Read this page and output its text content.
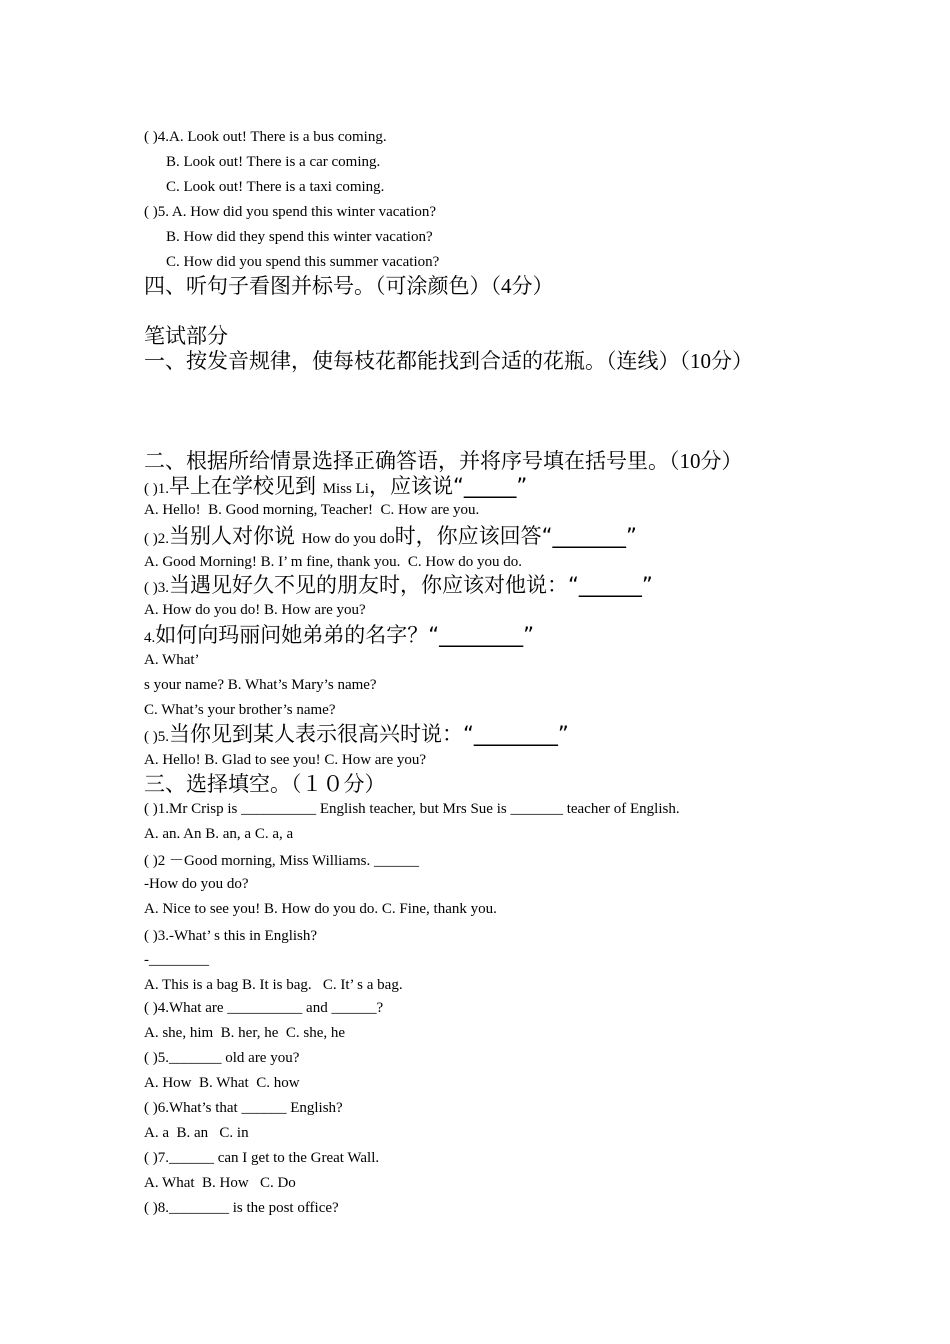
( )4.A. Look out! There is a bus coming.
B. Look out! There is a car coming.
C. Look out! There is a taxi coming.
( )5. A. How did you spend this winter vacation?
B. How did they spend this winter vacation?
C. How did you spend this summer vacation?
四、听句子看图并标号。（可涂颜色）（4分）
笔试部分
一、按发音规律，使每枝花都能找到合适的花瓶。（连线）（10分）
二、根据所给情景选择正确答语，并将序号填在括号里。（10分）
( )1.早上在学校见到 Miss Li，应该说“_____”
A. Hello!  B. Good morning, Teacher!  C. How are you.
( )2.当别人对你说 How do you do时，你应该回答“_______”
A. Good Morning! B. I’ m fine, thank you.  C. How do you do.
( )3.当遇见好久不见的朋友时，你应该对他说：“______”
A. How do you do! B. How are you?
4.如何向玛丽问她弟弟的名字？“________”
A. What’
s your name? B. What’s Mary’s name?
C. What’s your brother’s name?
( )5.当你见到某人表示很高兴时说：“________”
A. Hello! B. Glad to see you! C. How are you?
三、选择填空。（１０分）
( )1.Mr Crisp is __________ English teacher, but Mrs Sue is _______ teacher of English.
A. an. An B. an, a C. a, a
( )2 －Good morning, Miss Williams. ______
-How do you do?
A. Nice to see you! B. How do you do. C. Fine, thank you.
( )3.-What’ s this in English?
-________
A. This is a bag B. It is bag.   C. It’ s a bag.
( )4.What are __________ and ______?
A. she, him  B. her, he  C. she, he
( )5._______ old are you?
A. How  B. What  C. how
( )6.What’s that ______ English?
A. a  B. an   C. in
( )7.______ can I get to the Great Wall.
A. What  B. How   C. Do
( )8.________ is the post office?
